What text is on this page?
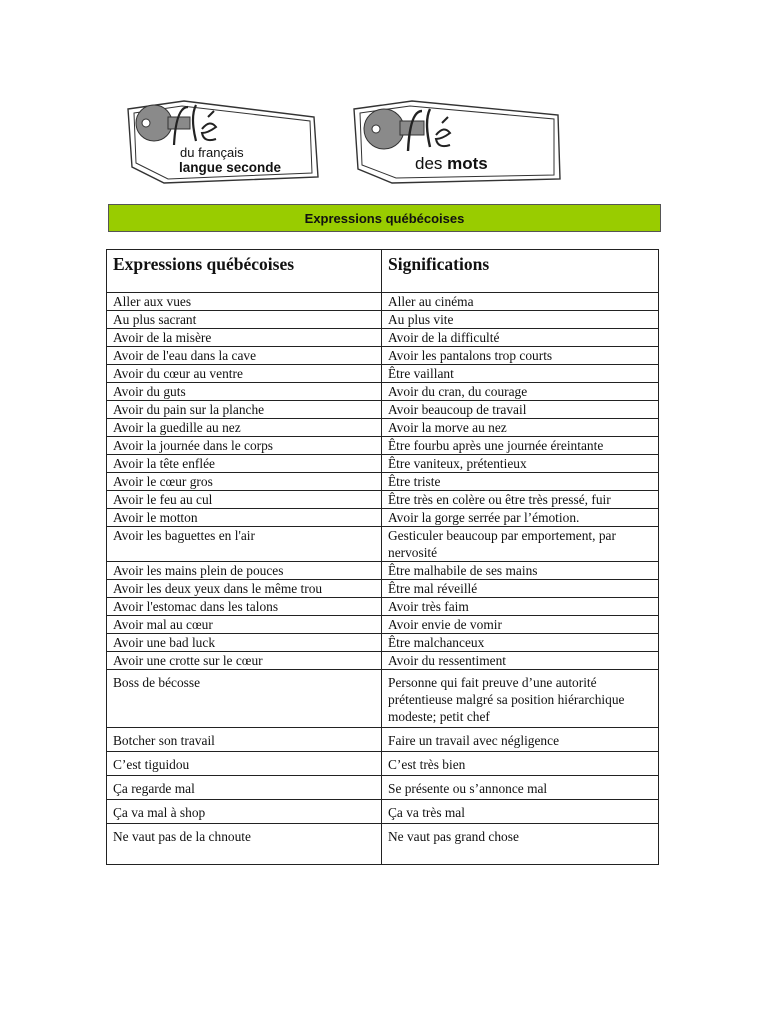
du français
langue seconde	des mots
Expressions québécoises
Expressions québécoises	Significations
Aller aux vues	Aller au cinéma
Au plus sacrant	Au plus vite
Avoir de la misère	Avoir de la difficulté
Avoir de l'eau dans la cave	Avoir les pantalons trop courts
Avoir du cœur au ventre	Être vaillant
Avoir du guts	Avoir du cran, du courage
Avoir du pain sur la planche	Avoir beaucoup de travail
Avoir la guedille au nez	Avoir la morve au nez
Avoir la journée dans le corps	Être fourbu après une journée éreintante
Avoir la tête enflée	Être vaniteux, prétentieux
Avoir le cœur gros	Être triste
Avoir le feu au cul	Être très en colère ou être très pressé, fuir
Avoir le motton	Avoir la gorge serrée par l’émotion.
Avoir les baguettes en l'air	Gesticuler beaucoup par emportement, par nervosité
Avoir les mains plein de pouces	Être malhabile de ses mains
Avoir les deux yeux dans le même trou	Être mal réveillé
Avoir l'estomac dans les talons	Avoir très faim
Avoir mal au cœur	Avoir envie de vomir
Avoir une bad luck	Être malchanceux
Avoir une crotte sur le cœur	Avoir du ressentiment
Boss de bécosse	Personne qui fait preuve d’une autorité prétentieuse malgré sa position hiérarchique modeste; petit chef
Botcher son travail	Faire un travail avec négligence
C’est tiguidou	C’est très bien
Ça regarde mal	Se présente ou s’annonce mal
Ça va mal à shop	Ça va très mal
Ne vaut pas de la chnoute	Ne vaut pas grand chose
